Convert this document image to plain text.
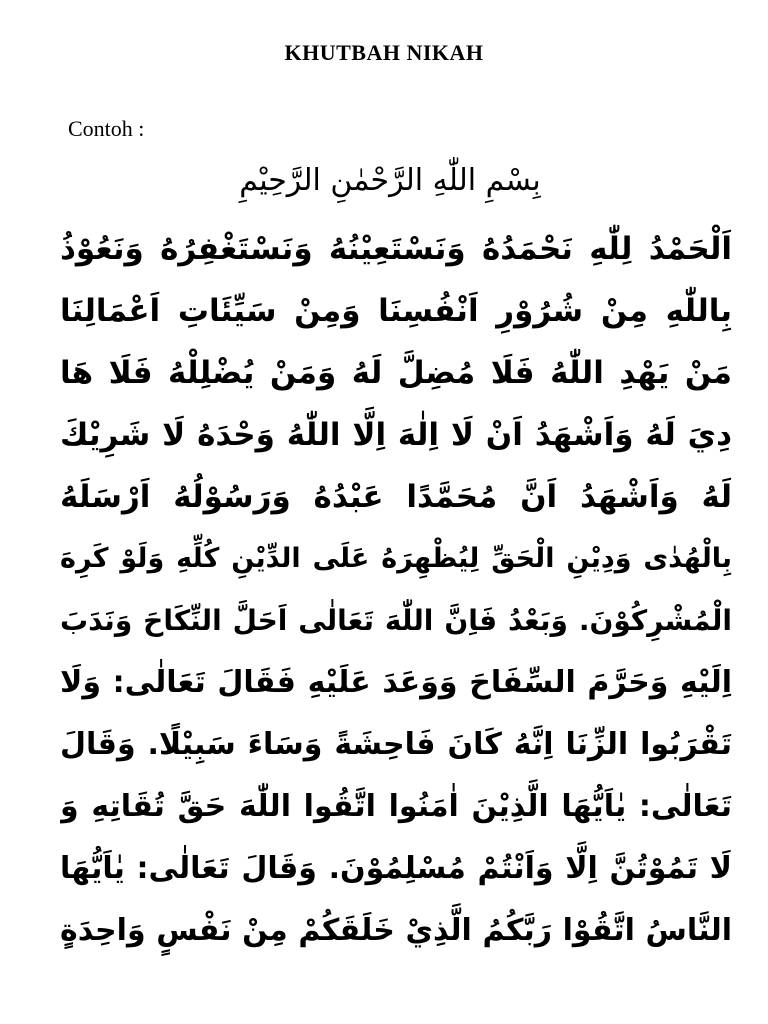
KHUTBAH NIKAH
Contoh :
بِسْمِ اللّٰهِ الرَّحْمٰنِ الرَّحِيْمِ
اَلْحَمْدُ لِلّٰهِ نَحْمَدُهُ وَنَسْتَعِيْنُهُ وَنَسْتَغْفِرُهُ وَنَعُوْذُ
بِاللّٰهِ مِنْ شُرُوْرِ اَنْفُسِنَا وَمِنْ سَيِّئَاتِ اَعْمَالِنَا
مَنْ يَهْدِ اللّٰهُ فَلَا مُضِلَّ لَهُ وَمَنْ يُضْلِلْهُ فَلَا هَا
دِيَ لَهُ وَاَشْهَدُ اَنْ لَا اِلٰهَ اِلَّا اللّٰهُ وَحْدَهُ لَا شَرِيْكَ
لَهُ وَاَشْهَدُ اَنَّ مُحَمَّدًا عَبْدُهُ وَرَسُوْلُهُ اَرْسَلَهُ
بِالْهُدٰى وَدِيْنِ الْحَقِّ لِيُظْهِرَهُ عَلَى الدِّيْنِ كُلِّهِ وَلَوْ كَرِهَ
الْمُشْرِكُوْنَ. وَبَعْدُ فَاِنَّ اللّٰهَ تَعَالٰى اَحَلَّ النِّكَاحَ وَنَدَبَ
اِلَيْهِ وَحَرَّمَ السِّفَاحَ وَوَعَدَ عَلَيْهِ فَقَالَ تَعَالٰى: وَلَا
تَقْرَبُوا الزِّنَا اِنَّهُ كَانَ فَاحِشَةً وَسَاءَ سَبِيْلًا. وَقَالَ
تَعَالٰى: يٰاَيُّهَا الَّذِيْنَ اٰمَنُوا اتَّقُوا اللّٰهَ حَقَّ تُقَاتِهِ وَ
لَا تَمُوْتُنَّ اِلَّا وَاَنْتُمْ مُسْلِمُوْنَ. وَقَالَ تَعَالٰى: يٰاَيُّهَا
النَّاسُ اتَّقُوْا رَبَّكُمُ الَّذِيْ خَلَقَكُمْ مِنْ نَفْسٍ وَاحِدَةٍ
